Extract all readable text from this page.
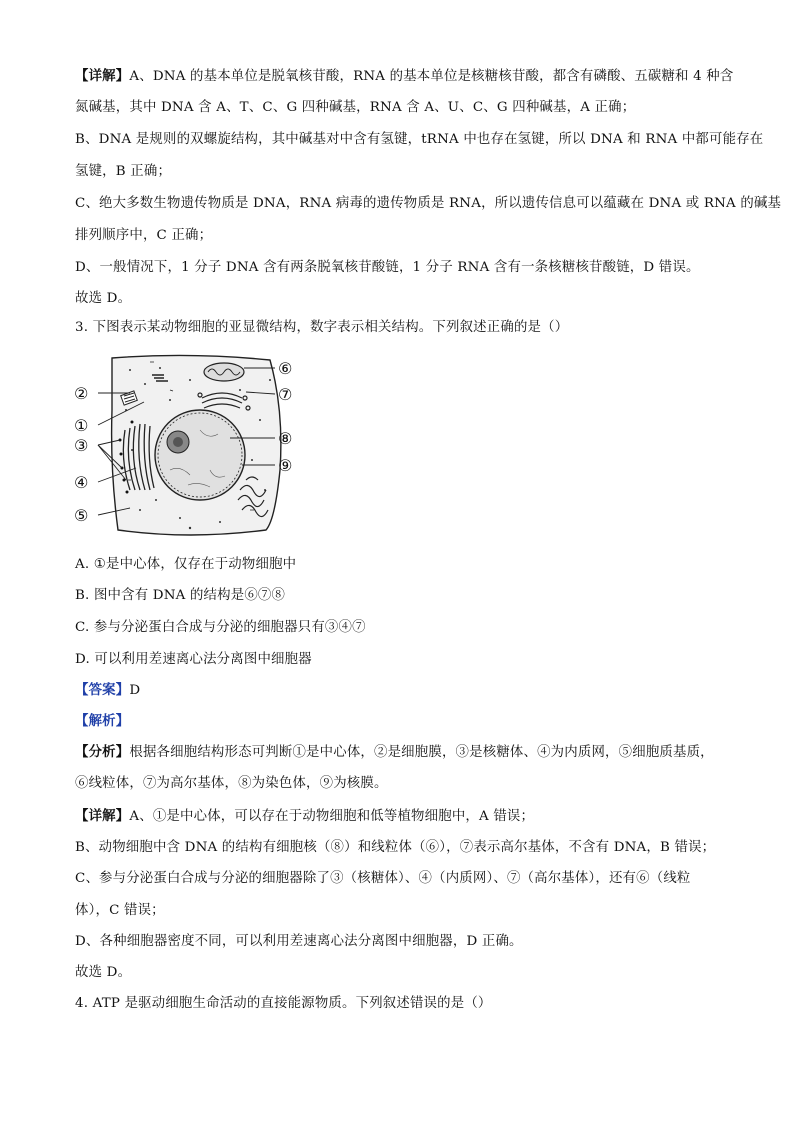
【详解】A、DNA 的基本单位是脱氧核苷酸，RNA 的基本单位是核糖核苷酸，都含有磷酸、五碳糖和 4 种含
氮碱基，其中 DNA 含 A、T、C、G 四种碱基，RNA 含 A、U、C、G 四种碱基，A 正确；
B、DNA 是规则的双螺旋结构，其中碱基对中含有氢键，tRNA 中也存在氢键，所以 DNA 和 RNA 中都可能存在
氢键，B 正确；
C、绝大多数生物遗传物质是 DNA，RNA 病毒的遗传物质是 RNA，所以遗传信息可以蕴藏在 DNA 或 RNA 的碱基
排列顺序中，C 正确；
D、一般情况下，1 分子 DNA 含有两条脱氧核苷酸链，1 分子 RNA 含有一条核糖核苷酸链，D 错误。
故选 D。
3. 下图表示某动物细胞的亚显微结构，数字表示相关结构。下列叙述正确的是（）
②
①
③
④
⑤
⑥
⑦
⑧
⑨
A. ①是中心体，仅存在于动物细胞中
B. 图中含有 DNA 的结构是⑥⑦⑧
C. 参与分泌蛋白合成与分泌的细胞器只有③④⑦
D. 可以利用差速离心法分离图中细胞器
【答案】D
【解析】
【分析】根据各细胞结构形态可判断①是中心体，②是细胞膜，③是核糖体、④为内质网，⑤细胞质基质，
⑥线粒体，⑦为高尔基体，⑧为染色体，⑨为核膜。
【详解】A、①是中心体，可以存在于动物细胞和低等植物细胞中，A 错误；
B、动物细胞中含 DNA 的结构有细胞核（⑧）和线粒体（⑥），⑦表示高尔基体，不含有 DNA，B 错误；
C、参与分泌蛋白合成与分泌的细胞器除了③（核糖体）、④（内质网）、⑦（高尔基体），还有⑥（线粒
体），C 错误；
D、各种细胞器密度不同，可以利用差速离心法分离图中细胞器，D 正确。
故选 D。
4. ATP 是驱动细胞生命活动的直接能源物质。下列叙述错误的是（）
